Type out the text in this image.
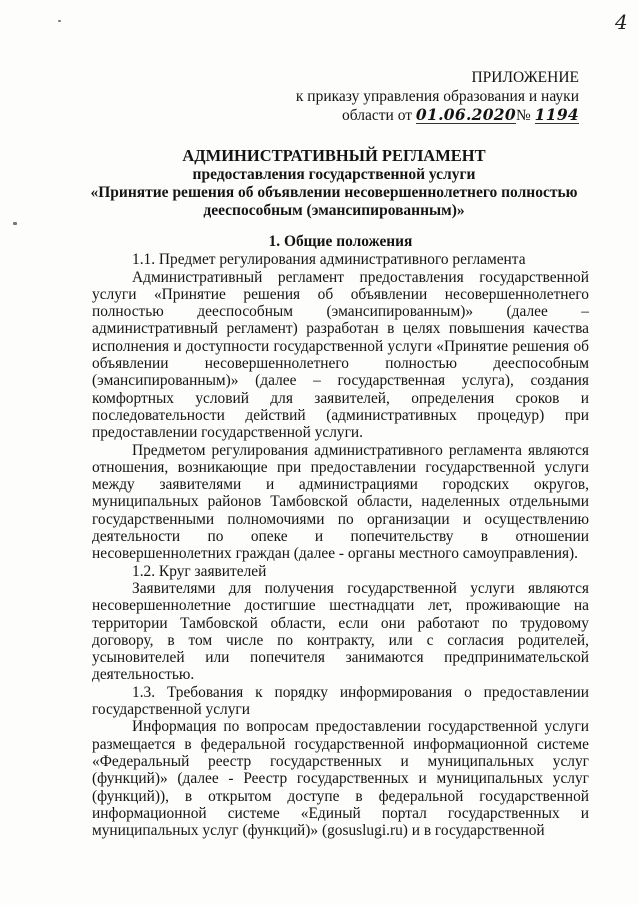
4
ПРИЛОЖЕНИЕ
к приказу управления образования и науки
области от 01.06.2020№ 1194
АДМИНИСТРАТИВНЫЙ РЕГЛАМЕНТ
предоставления государственной услуги
«Принятие решения об объявлении несовершеннолетнего полностью
дееспособным (эмансипированным)»

1. Общие положения

1.1. Предмет регулирования административного регламента

Административный регламент предоставления государственной услуги «Принятие решения об объявлении несовершеннолетнего полностью дееспособным (эмансипированным)» (далее – административный регламент) разработан в целях повышения качества исполнения и доступности государственной услуги «Принятие решения об объявлении несовершеннолетнего полностью дееспособным (эмансипированным)» (далее – государственная услуга), создания комфортных условий для заявителей, определения сроков и последовательности действий (административных процедур) при предоставлении государственной услуги.

Предметом регулирования административного регламента являются отношения, возникающие при предоставлении государственной услуги между заявителями и администрациями городских округов, муниципальных районов Тамбовской области, наделенных отдельными государственными полномочиями по организации и осуществлению деятельности по опеке и попечительству в отношении несовершеннолетних граждан (далее - органы местного самоуправления).

1.2. Круг заявителей

Заявителями для получения государственной услуги являются несовершеннолетние достигшие шестнадцати лет, проживающие на территории Тамбовской области, если они работают по трудовому договору, в том числе по контракту, или с согласия родителей, усыновителей или попечителя занимаются предпринимательской деятельностью.

1.3. Требования к порядку информирования о предоставлении государственной услуги

Информация по вопросам предоставлении государственной услуги размещается в федеральной государственной информационной системе «Федеральный реестр государственных и муниципальных услуг (функций)» (далее - Реестр государственных и муниципальных услуг (функций)), в открытом доступе в федеральной государственной информационной системе «Единый портал государственных и муниципальных услуг (функций)» (gosuslugi.ru) и в государственной
